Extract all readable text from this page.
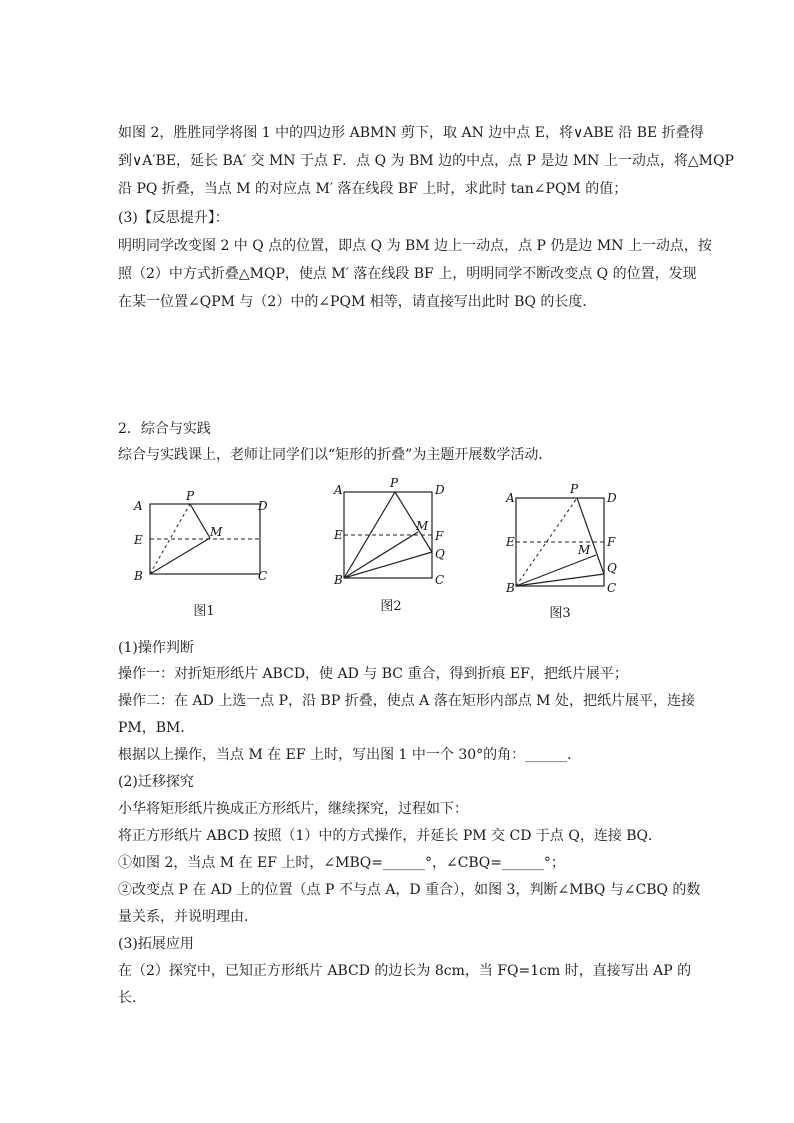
如图 2，胜胜同学将图 1 中的四边形 ABMN 剪下，取 AN 边中点 E，将∨ABE 沿 BE 折叠得
到∨A′BE，延长 BA′ 交 MN 于点 F．点 Q 为 BM 边的中点，点 P 是边 MN 上一动点，将△MQP
沿 PQ 折叠，当点 M 的对应点 M′ 落在线段 BF 上时，求此时 tan∠PQM 的值；
(3)【反思提升】：
明明同学改变图 2 中 Q 点的位置，即点 Q 为 BM 边上一动点，点 P 仍是边 MN 上一动点，按
照（2）中方式折叠△MQP，使点 M′ 落在线段 BF 上，明明同学不断改变点 Q 的位置，发现
在某一位置∠QPM 与（2）中的∠PQM 相等，请直接写出此时 BQ 的长度．
2．综合与实践
综合与实践课上，老师让同学们以“矩形的折叠”为主题开展数学活动．
A
P
D
M
E
B	C
图1
A	P	D
M
F
E
Q
B	C
图2
A
P
D
F
E
M
Q
B	C
图3
(1)操作判断
操作一：对折矩形纸片 ABCD，使 AD 与 BC 重合，得到折痕 EF，把纸片展平；
操作二：在 AD 上选一点 P，沿 BP 折叠，使点 A 落在矩形内部点 M 处，把纸片展平，连接
PM，BM．
根据以上操作，当点 M 在 EF 上时，写出图 1 中一个 30°的角：______．
(2)迁移探究
小华将矩形纸片换成正方形纸片，继续探究，过程如下：
将正方形纸片 ABCD 按照（1）中的方式操作，并延长 PM 交 CD 于点 Q，连接 BQ．
①如图 2，当点 M 在 EF 上时，∠MBQ=______°，∠CBQ=______°；
②改变点 P 在 AD 上的位置（点 P 不与点 A，D 重合），如图 3，判断∠MBQ 与∠CBQ 的数
量关系，并说明理由．
(3)拓展应用
在（2）探究中，已知正方形纸片 ABCD 的边长为 8cm，当 FQ=1cm 时，直接写出 AP 的
长．
